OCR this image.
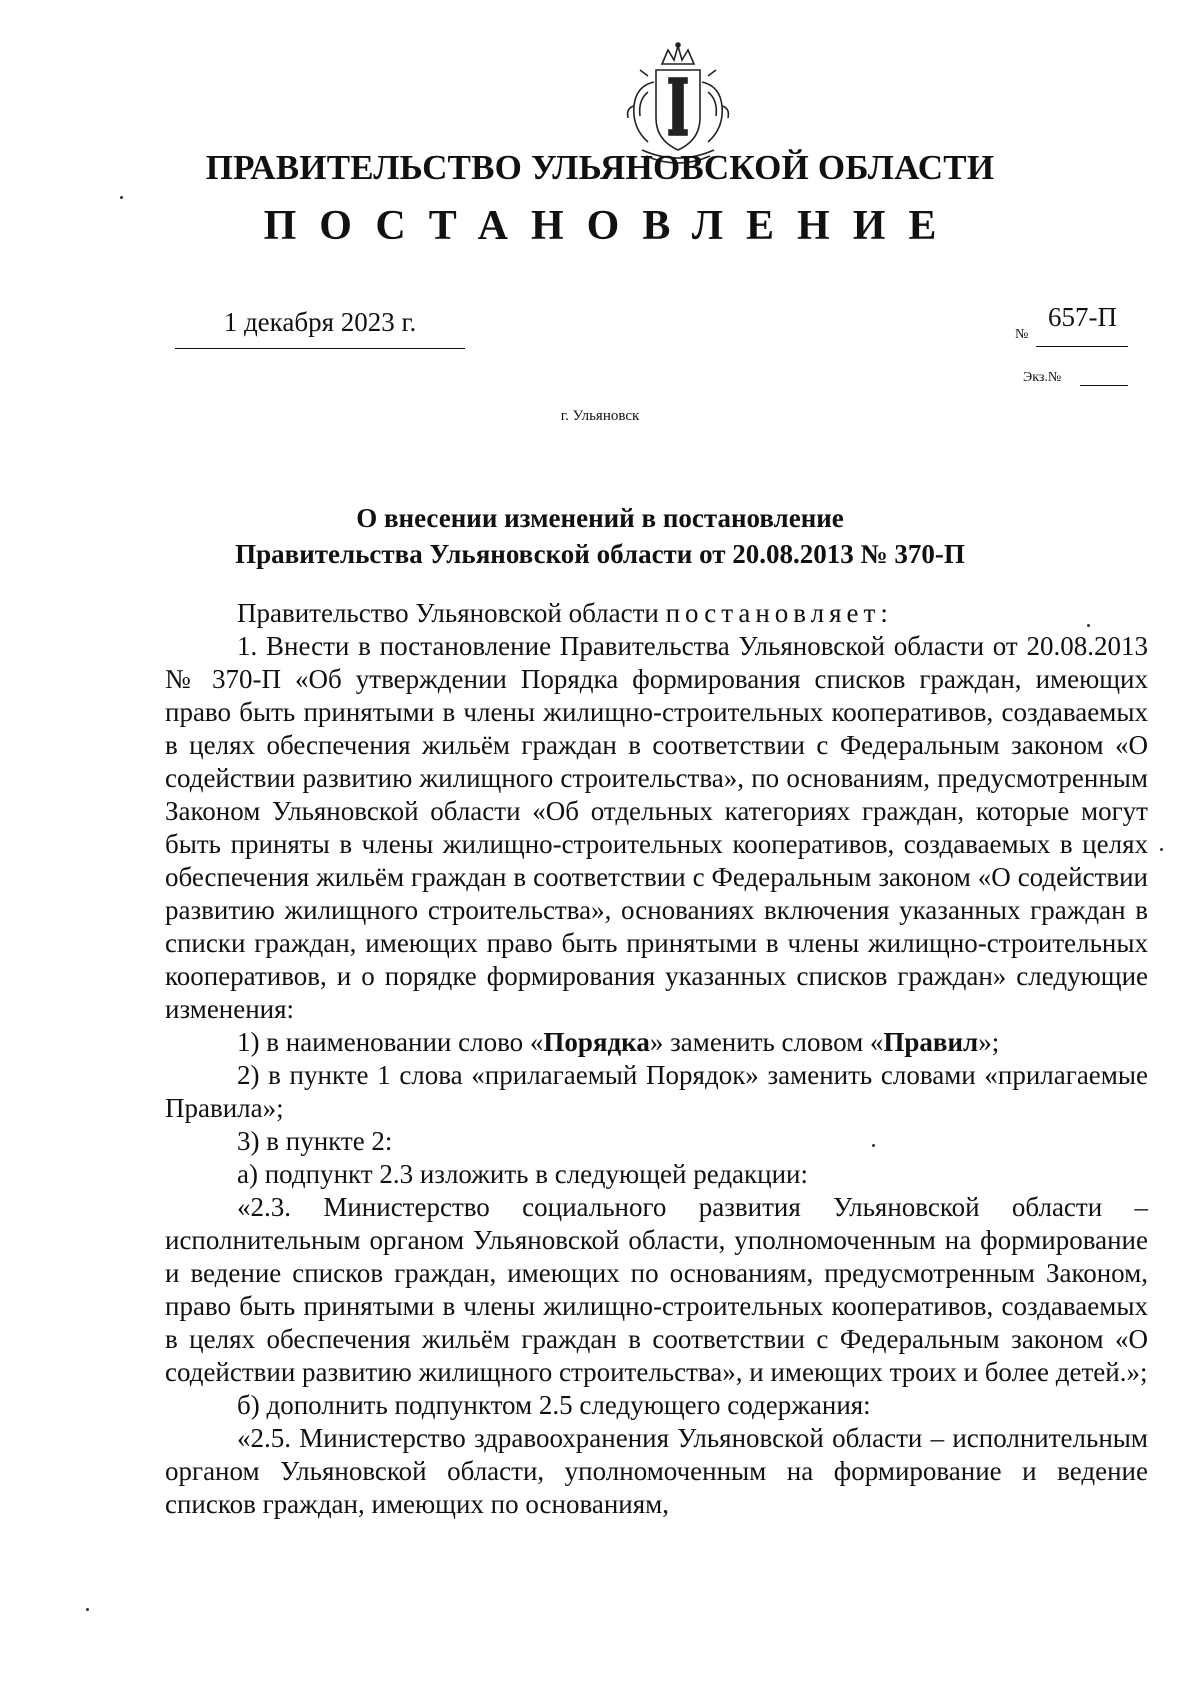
ПРАВИТЕЛЬСТВО УЛЬЯНОВСКОЙ ОБЛАСТИ
ПОСТАНОВЛЕНИЕ
1 декабря 2023 г.	№
657-П
Экз.№
г. Ульяновск
О внесении изменений в постановление
Правительства Ульяновской области от 20.08.2013 № 370-П

Правительство Ульяновской области постановляет:

1. Внести в постановление Правительства Ульяновской области от 20.08.2013 № 370-П «Об утверждении Порядка формирования списков граждан, имеющих право быть принятыми в члены жилищно-строительных кооперативов, создаваемых в целях обеспечения жильём граждан в соответствии с Федеральным законом «О содействии развитию жилищного строительства», по основаниям, предусмотренным Законом Ульяновской области «Об отдельных категориях граждан, которые могут быть приняты в члены жилищно-строительных кооперативов, создаваемых в целях обеспечения жильём граждан в соответствии с Федеральным законом «О содействии развитию жилищного строительства», основаниях включения указанных граждан в списки граждан, имеющих право быть принятыми в члены жилищно-строительных кооперативов, и о порядке формирования указанных списков граждан» следующие изменения:

1) в наименовании слово «Порядка» заменить словом «Правил»;

2) в пункте 1 слова «прилагаемый Порядок» заменить словами «прилагаемые Правила»;

3) в пункте 2:

а) подпункт 2.3 изложить в следующей редакции:

«2.3. Министерство социального развития Ульяновской области – исполнительным органом Ульяновской области, уполномоченным на формирование и ведение списков граждан, имеющих по основаниям, предусмотренным Законом, право быть принятыми в члены жилищно-строительных кооперативов, создаваемых в целях обеспечения жильём граждан в соответствии с Федеральным законом «О содействии развитию жилищного строительства», и имеющих троих и более детей.»;

б) дополнить подпунктом 2.5 следующего содержания:

«2.5. Министерство здравоохранения Ульяновской области – исполнительным органом Ульяновской области, уполномоченным на формирование и ведение списков граждан, имеющих по основаниям,
